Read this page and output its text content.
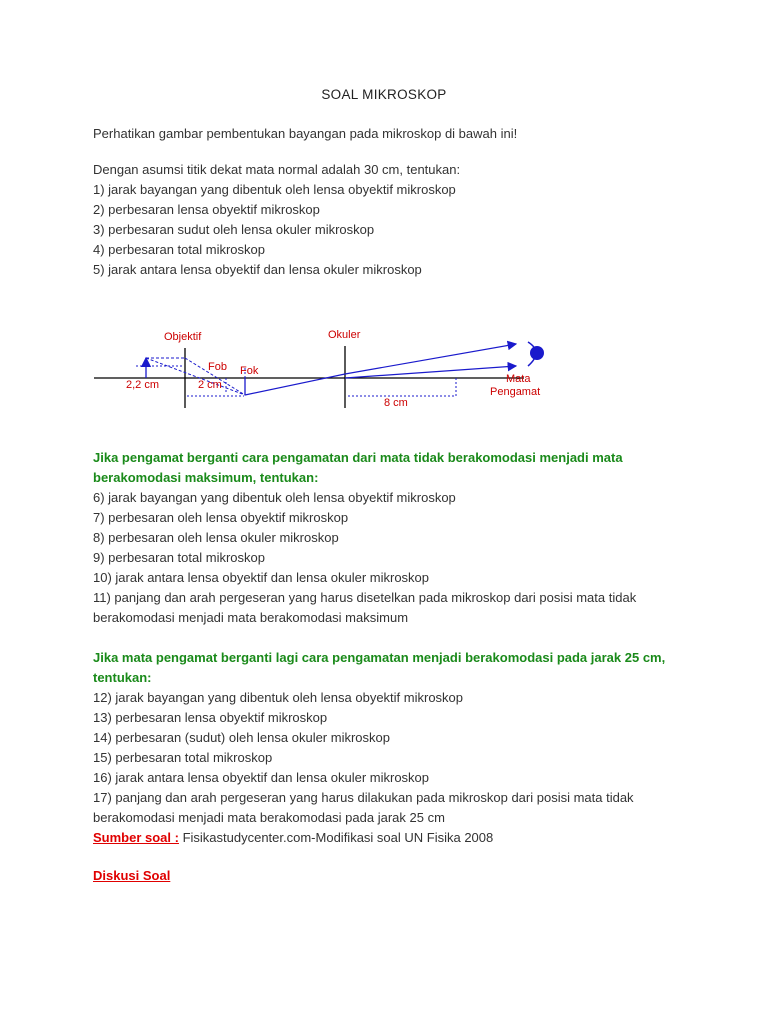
SOAL MIKROSKOP
Perhatikan gambar pembentukan bayangan pada mikroskop di bawah ini!
Dengan asumsi titik dekat mata normal adalah 30 cm, tentukan:
1) jarak bayangan yang dibentuk oleh lensa obyektif mikroskop
2) perbesaran lensa obyektif mikroskop
3) perbesaran sudut oleh lensa okuler mikroskop
4) perbesaran total mikroskop
5) jarak antara lensa obyektif dan lensa okuler mikroskop
Objektif	Okuler
Fob Fok
2,2 cm	2 cm
8 cm
Mata
Pengamat
Jika pengamat berganti cara pengamatan dari mata tidak berakomodasi menjadi mata
berakomodasi maksimum, tentukan:
6) jarak bayangan yang dibentuk oleh lensa obyektif mikroskop
7) perbesaran oleh lensa obyektif mikroskop
8) perbesaran oleh lensa okuler mikroskop
9) perbesaran total mikroskop
10) jarak antara lensa obyektif dan lensa okuler mikroskop
11) panjang dan arah pergeseran yang harus disetelkan pada mikroskop dari posisi mata tidak
berakomodasi menjadi mata berakomodasi maksimum
Jika mata pengamat berganti lagi cara pengamatan menjadi berakomodasi pada jarak 25 cm,
tentukan:
12) jarak bayangan yang dibentuk oleh lensa obyektif mikroskop
13) perbesaran lensa obyektif mikroskop
14) perbesaran (sudut) oleh lensa okuler mikroskop
15) perbesaran total mikroskop
16) jarak antara lensa obyektif dan lensa okuler mikroskop
17) panjang dan arah pergeseran yang harus dilakukan pada mikroskop dari posisi mata tidak
berakomodasi menjadi mata berakomodasi pada jarak 25 cm
Sumber soal : Fisikastudycenter.com-Modifikasi soal UN Fisika 2008
Diskusi Soal
